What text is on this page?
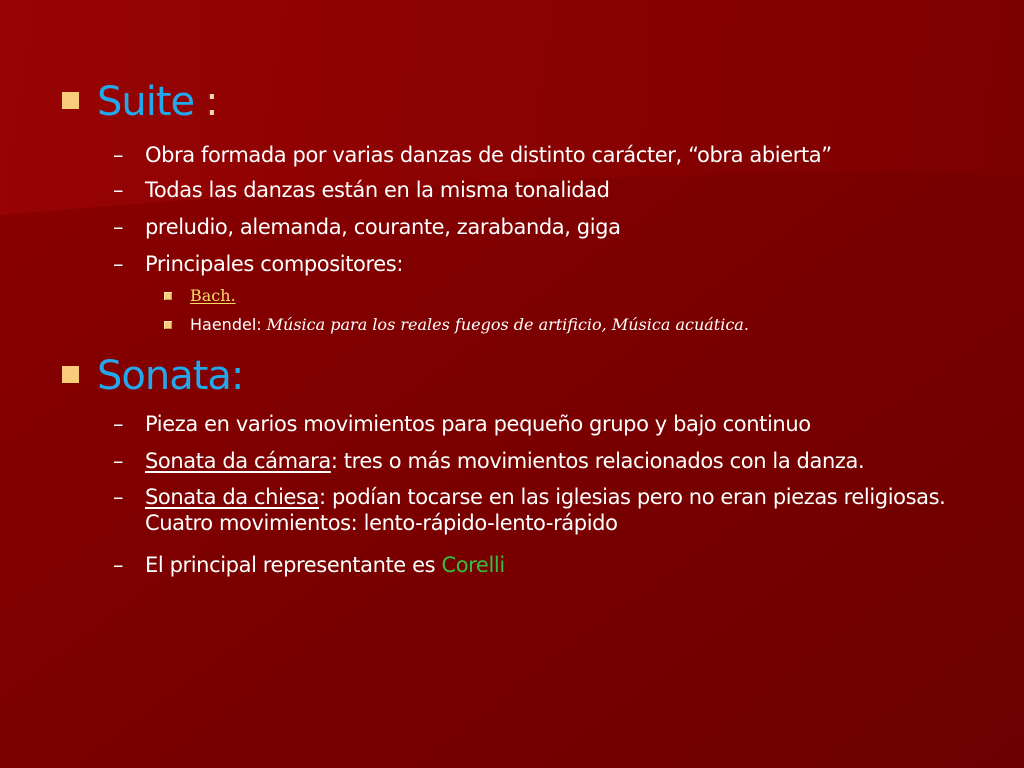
Suite :
–	Obra formada por varias danzas de distinto carácter, “obra abierta”
–	Todas las danzas están en la misma tonalidad
–	preludio, alemanda, courante, zarabanda, giga
–	Principales compositores:
Bach.
Haendel: Música para los reales fuegos de artificio, Música acuática.
Sonata:
–	Pieza en varios movimientos para pequeño grupo y bajo continuo
–	Sonata da cámara: tres o más movimientos relacionados con la danza.
–	Sonata da chiesa: podían tocarse en las iglesias pero no eran piezas religiosas. Cuatro movimientos: lento-rápido-lento-rápido
–	El principal representante es Corelli
